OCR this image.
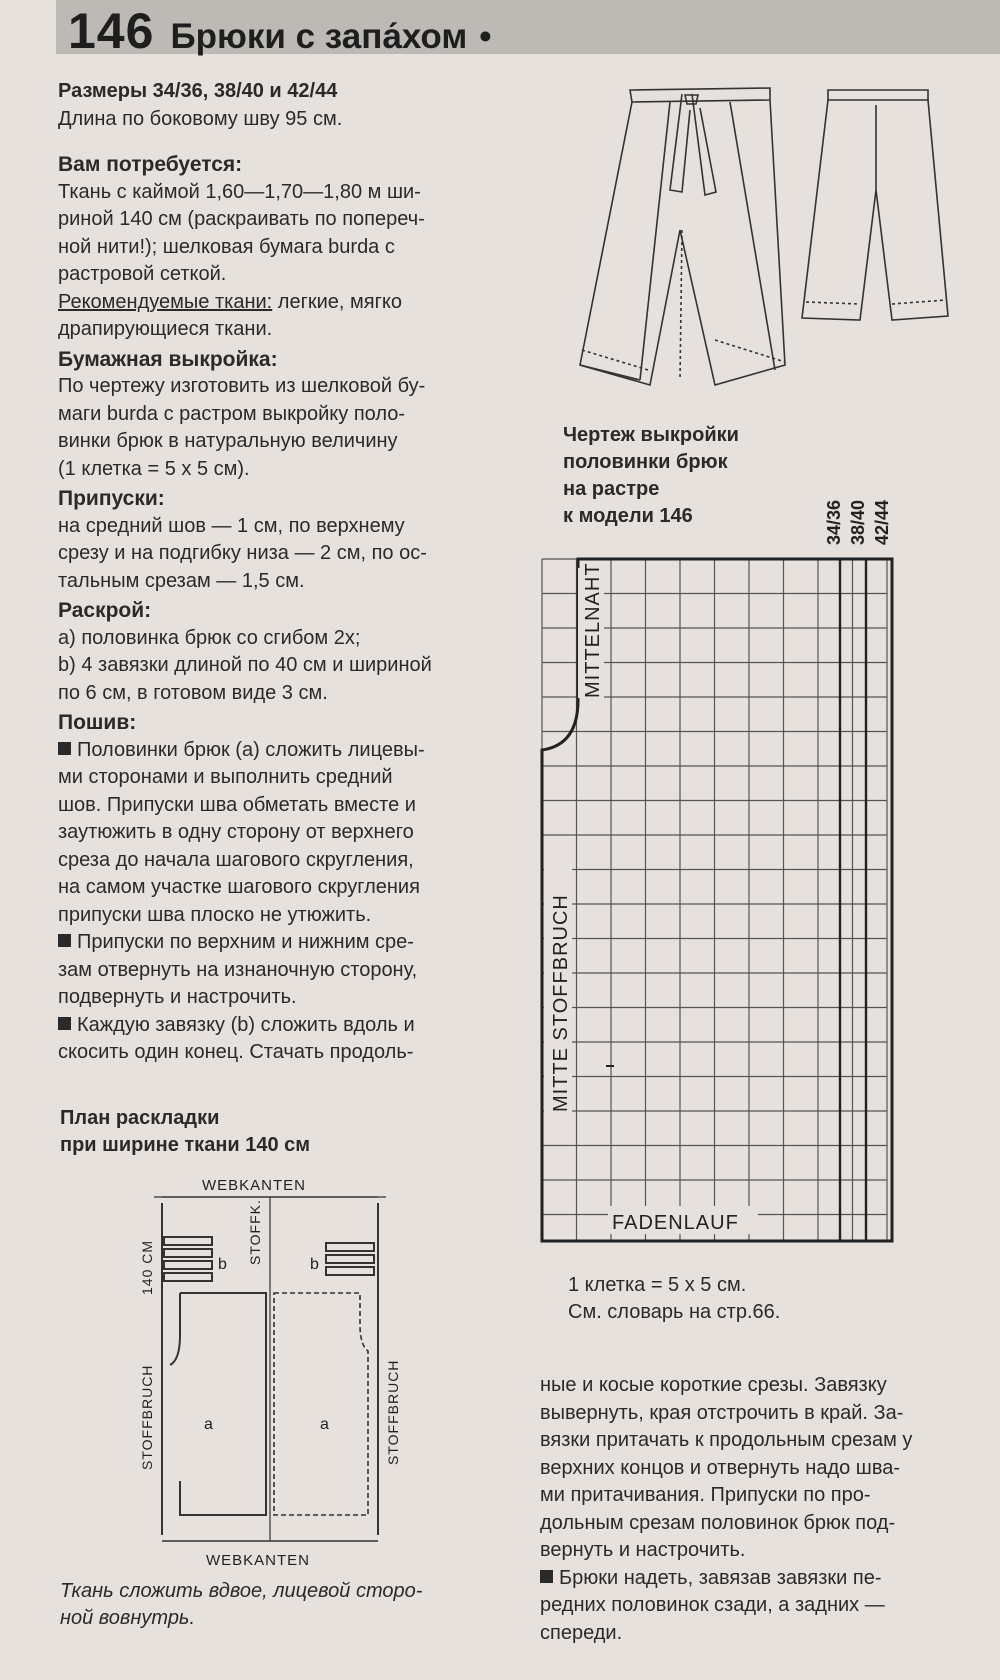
146 Брюки с запа́хом •

Размеры 34/36, 38/40 и 42/44

Длина по боковому шву 95 см.

Вам потребуется:

Ткань с каймой 1,60—1,70—1,80 м ши-
риной 140 см (раскраивать по попереч-
ной нити!); шелковая бумага burda с
растровой сеткой.
Рекомендуемые ткани: легкие, мягко
драпирующиеся ткани.

Бумажная выкройка:

По чертежу изготовить из шелковой бу-
маги burda с растром выкройку поло-
винки брюк в натуральную величину
(1 клетка = 5 х 5 см).

Припуски:

на средний шов — 1 см, по верхнему
срезу и на подгибку низа — 2 см, по ос-
тальным срезам — 1,5 см.

Раскрой:

a) половинка брюк со сгибом 2х;
b) 4 завязки длиной по 40 см и шириной
по 6 см, в готовом виде 3 см.

Пошив:

Половинки брюк (а) сложить лицевы-
ми сторонами и выполнить средний
шов. Припуски шва обметать вместе и
заутюжить в одну сторону от верхнего
среза до начала шагового скругления,
на самом участке шагового скругления
припуски шва плоско не утюжить.
Припуски по верхним и нижним сре-
зам отвернуть на изнаночную сторону,
подвернуть и настрочить.
Каждую завязку (b) сложить вдоль и
скосить один конец. Стачать продоль-
Чертеж выкройки
половинки брюк
на растре
к модели 146	34/36 38/40 42/44
MITTELNAHT
MITTE STOFFBRUCH
FADENLAUF
1 клетка = 5 х 5 см.
См. словарь на стр.66.
ные и косые короткие срезы. Завязку
вывернуть, края отстрочить в край. За-
вязки притачать к продольным срезам у
верхних концов и отвернуть надо шва-
ми притачивания. Припуски по про-
дольным срезам половинок брюк под-
вернуть и настрочить.
Брюки надеть, завязав завязки пе-
редних половинок сзади, а задних —
спереди.
План раскладки
при ширине ткани 140 см
WEBKANTEN
WEBKANTEN
140 CM
STOFFBRUCH	STOFFBRUCH
STOFFK.
b	b
a	a
Ткань сложить вдвое, лицевой сторо-
ной вовнутрь.
